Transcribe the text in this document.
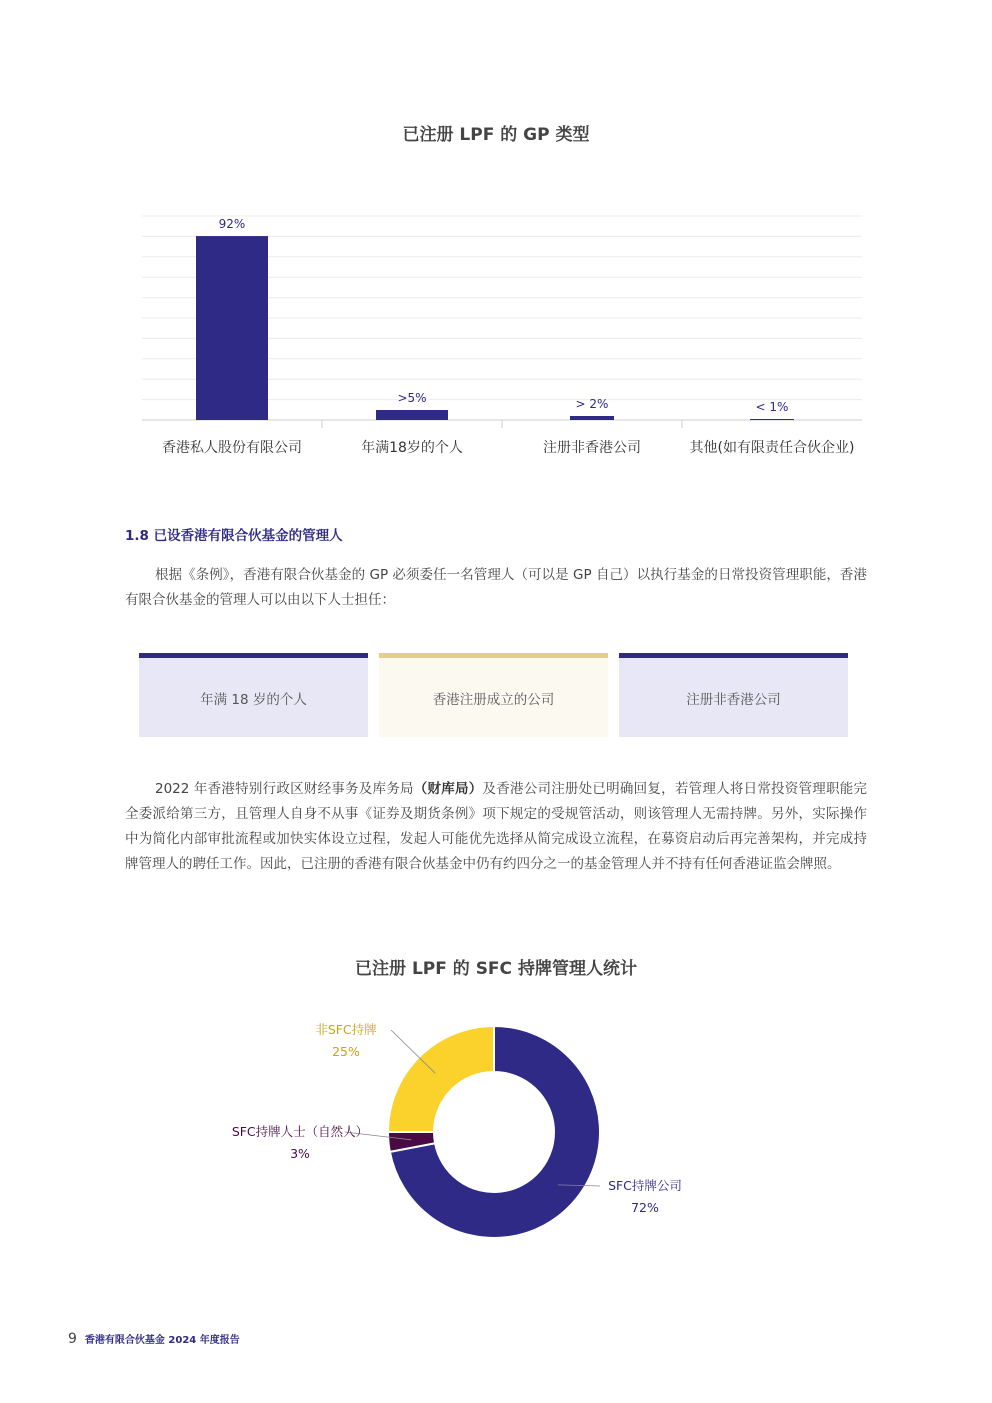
已注册 LPF 的 GP 类型
92%
香港私人股份有限公司
>5%
年满18岁的个人
> 2%
注册非香港公司
< 1%
其他(如有限责任合伙企业)
1.8 已设香港有限合伙基金的管理人
根据《条例》，香港有限合伙基金的 GP 必须委任一名管理人（可以是 GP 自己）以执行基金的日常投资管理职能，香港有限合伙基金的管理人可以由以下人士担任：
年满 18 岁的个人	香港注册成立的公司	注册非香港公司
2022 年香港特别行政区财经事务及库务局（财库局）及香港公司注册处已明确回复，若管理人将日常投资管理职能完全委派给第三方，且管理人自身不从事《证券及期货条例》项下规定的受规管活动，则该管理人无需持牌。另外，实际操作中为简化内部审批流程或加快实体设立过程，发起人可能优先选择从简完成设立流程，在募资启动后再完善架构，并完成持牌管理人的聘任工作。因此，已注册的香港有限合伙基金中仍有约四分之一的基金管理人并不持有任何香港证监会牌照。
已注册 LPF 的 SFC 持牌管理人统计
SFC持牌公司
72%
SFC持牌人士（自然人）
3%
非SFC持牌
25%
9 香港有限合伙基金 2024 年度报告
